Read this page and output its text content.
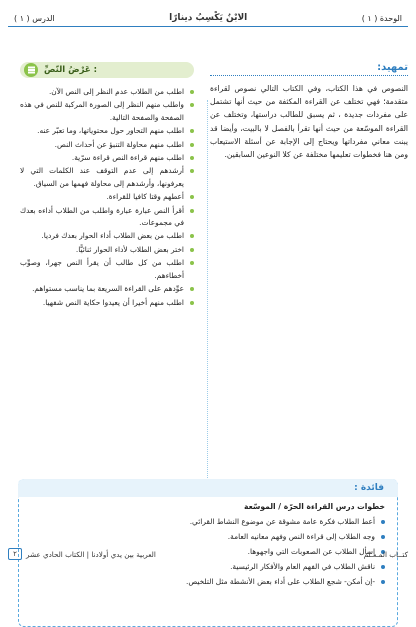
الوحدة ( ١ )
الابْنُ يَكْسِبُ دينارًا
الدرس ( ١ )
تمهيد:

النصوص في هذا الكتاب، وفي الكتاب التالي نصوص لقراءة متقدمة؛ فهي تختلف عن القراءة المكثفة من حيث أنها تشتمل على مفردات جديدة ، ثم يسبق للطالب دراستها، وتختلف عن القراءة الموسّعة من حيث أنها تقرأ بالفصل لا بالبيت، وأيضا قد يبنت معاني مفرداتها ويحتاج إلى الإجابة عن أسئلة الاستيعاب ومن هنا فخطوات تعليمها مختلفة عن كلا النوعين السابقين.

عَرْضُ النّصِّ :
اطلب من الطلاب عدم النظر إلى النص الآن.
واطلب منهم النظر إلى الصورة المركبة للنص في هذه الصفحة والصفحة التالية.
اطلب منهم التحاور حول محتوياتها، وما تعبّر عنه.
اطلب منهم محاولة التنبؤ عن أحداث النص.
اطلب منهم قراءة النص قراءة سرّية.
أرشدهم إلى عدم التوقف عند الكلمات التي لا يعرفونها، وأرشدهم إلى محاولة فهمها من السياق.
أعطهم وقتا كافيا للقراءة.
أقرأ النص عبارة عبارة واطلب من الطلاب أداءه بعدك في مجموعات.
اطلب من بعض الطلاب أداء الحوار بعدك فرديا.
اختر بعض الطلاب لأداء الحوار ثنائيًّا.
اطلب من كل طالب أن يقرأ النص جهرا، وصوِّب أخطاءهم.
عوِّدهم على القراءة السريعة بما يناسب مستواهم.
اطلب منهم أخيرا أن يعيدوا حكاية النص شفهيا.
فائدة :

خطوات درس القراءة الحرّة / الموسّعة

أعط الطلاب فكرة عامة مشوقة عن موضوع النشاط القرائي.
وجه الطلاب إلى قراءة النص وفهم معانيه العامة.
اسأل الطلاب عن الصعوبات التي واجهوها.
ناقش الطلاب في الفهم العام والأفكار الرئيسية.
-إن أمكن- شجع الطلاب على أداء بعض الأنشطة مثل التلخيص.
كتــاب المـعـلم
العربية بين يدي أولادنا | الكتاب الحادي عشر
٢
